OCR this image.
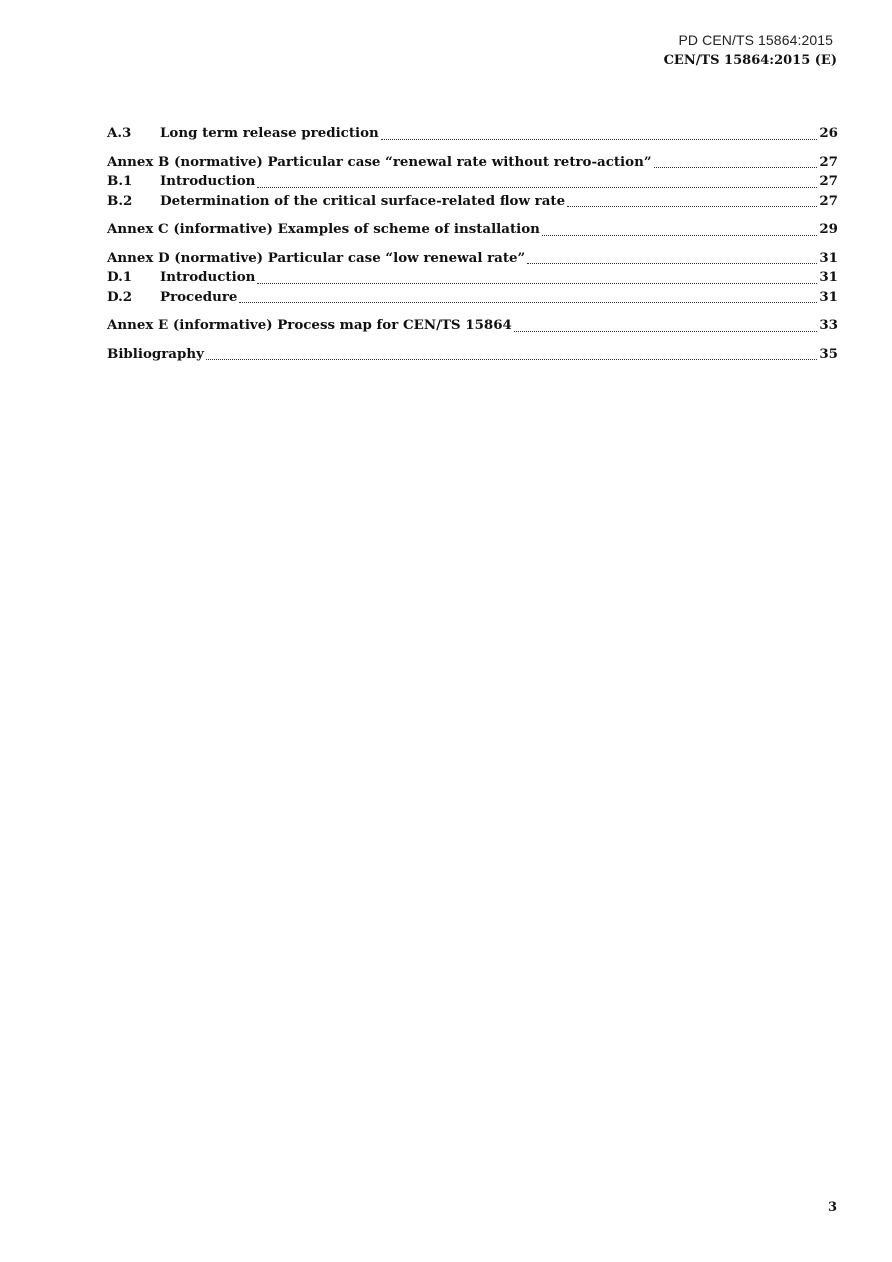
PD CEN/TS 15864:2015
CEN/TS 15864:2015 (E)
A.3	Long term release prediction	26
Annex B (normative) Particular case “renewal rate without retro-action”	27
B.1	Introduction	27
B.2	Determination of the critical surface-related flow rate	27
Annex C (informative) Examples of scheme of installation	29
Annex D (normative) Particular case “low renewal rate”	31
D.1	Introduction	31
D.2	Procedure	31
Annex E (informative) Process map for CEN/TS 15864	33
Bibliography	35
3
